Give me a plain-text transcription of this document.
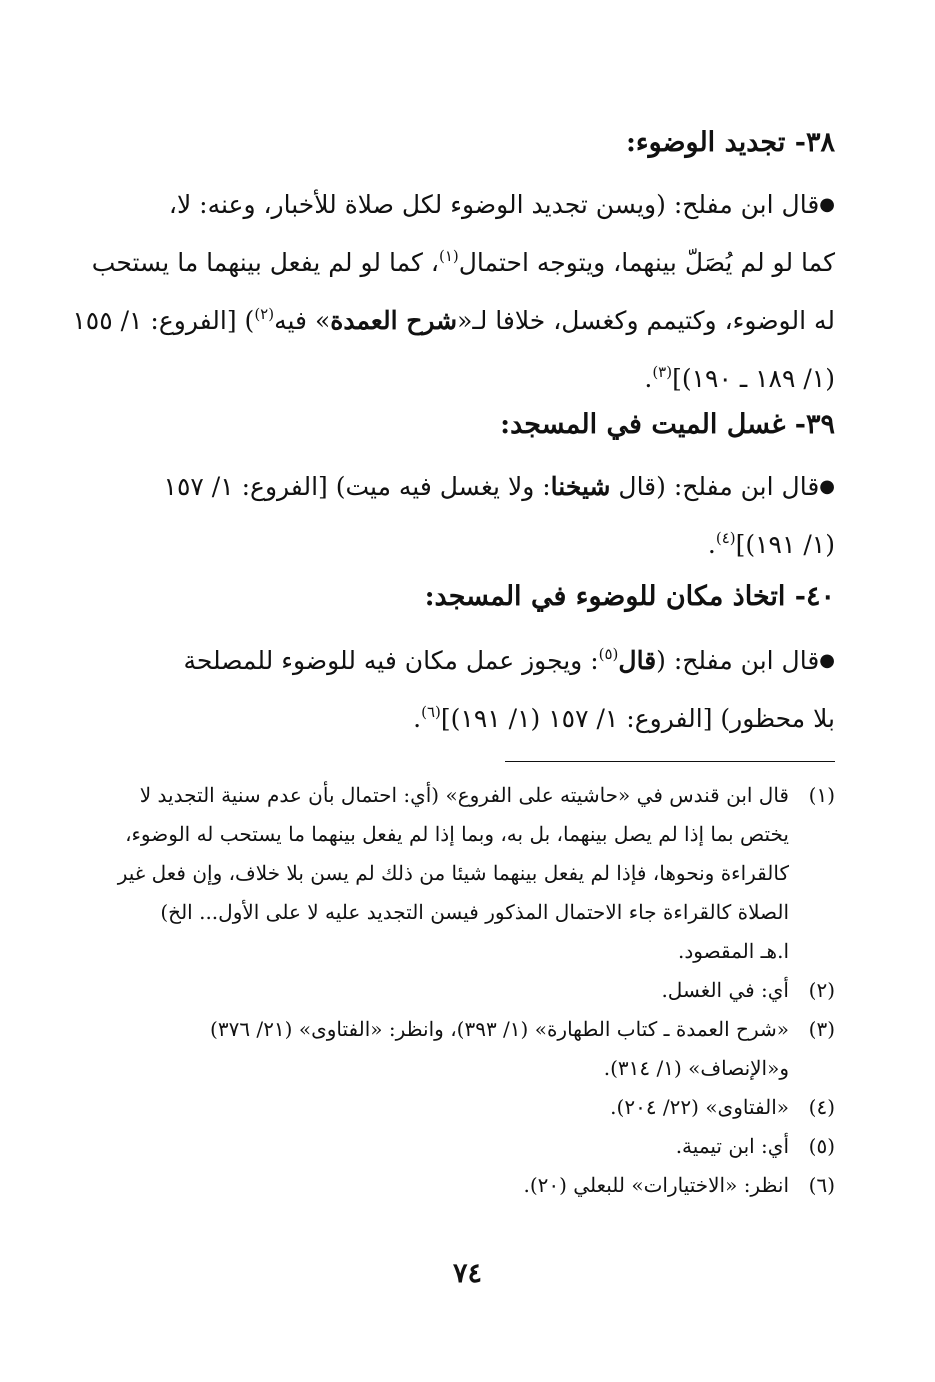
٣٨- تجديد الوضوء:
●قال ابن مفلح: (ويسن تجديد الوضوء لكل صلاة للأخبار، وعنه: لا،
كما لو لم يُصَلّ بينهما، ويتوجه احتمال$^{(١)}$، كما لو لم يفعل بينهما ما يستحب
له الوضوء، وكتيمم وكغسل، خلافا لـ«شرح العمدة» فيه$^{(٢)}$) [الفروع: ١/ ١٥٥
(١/ ١٨٩ ـ ١٩٠)]$^{(٣)}$.
٣٩- غسل الميت في المسجد:
●قال ابن مفلح: (قال شيخنا: ولا يغسل فيه ميت) [الفروع: ١/ ١٥٧
(١/ ١٩١)]$^{(٤)}$.
٤٠- اتخاذ مكان للوضوء في المسجد:
●قال ابن مفلح: (قال$^{(٥)}$: ويجوز عمل مكان فيه للوضوء للمصلحة
بلا محظور) [الفروع: ١/ ١٥٧ (١/ ١٩١)]$^{(٦)}$.
(١)
قال ابن قندس في «حاشيته على الفروع» (أي: احتمال بأن عدم سنية التجديد لا
يختص بما إذا لم يصل بينهما، بل به، وبما إذا لم يفعل بينهما ما يستحب له الوضوء،
كالقراءة ونحوها، فإذا لم يفعل بينهما شيئا من ذلك لم يسن بلا خلاف، وإن فعل غير
الصلاة كالقراءة جاء الاحتمال المذكور فيسن التجديد عليه لا على الأول... الخ)
ا.هـ المقصود.
(٢)
أي: في الغسل.
(٣)
«شرح العمدة ـ كتاب الطهارة» (١/ ٣٩٣)، وانظر: «الفتاوى» (٢١/ ٣٧٦)
و«الإنصاف» (١/ ٣١٤).
(٤)
«الفتاوى» (٢٢/ ٢٠٤).
(٥)
أي: ابن تيمية.
(٦)
انظر: «الاختيارات» للبعلي (٢٠).
٧٤
